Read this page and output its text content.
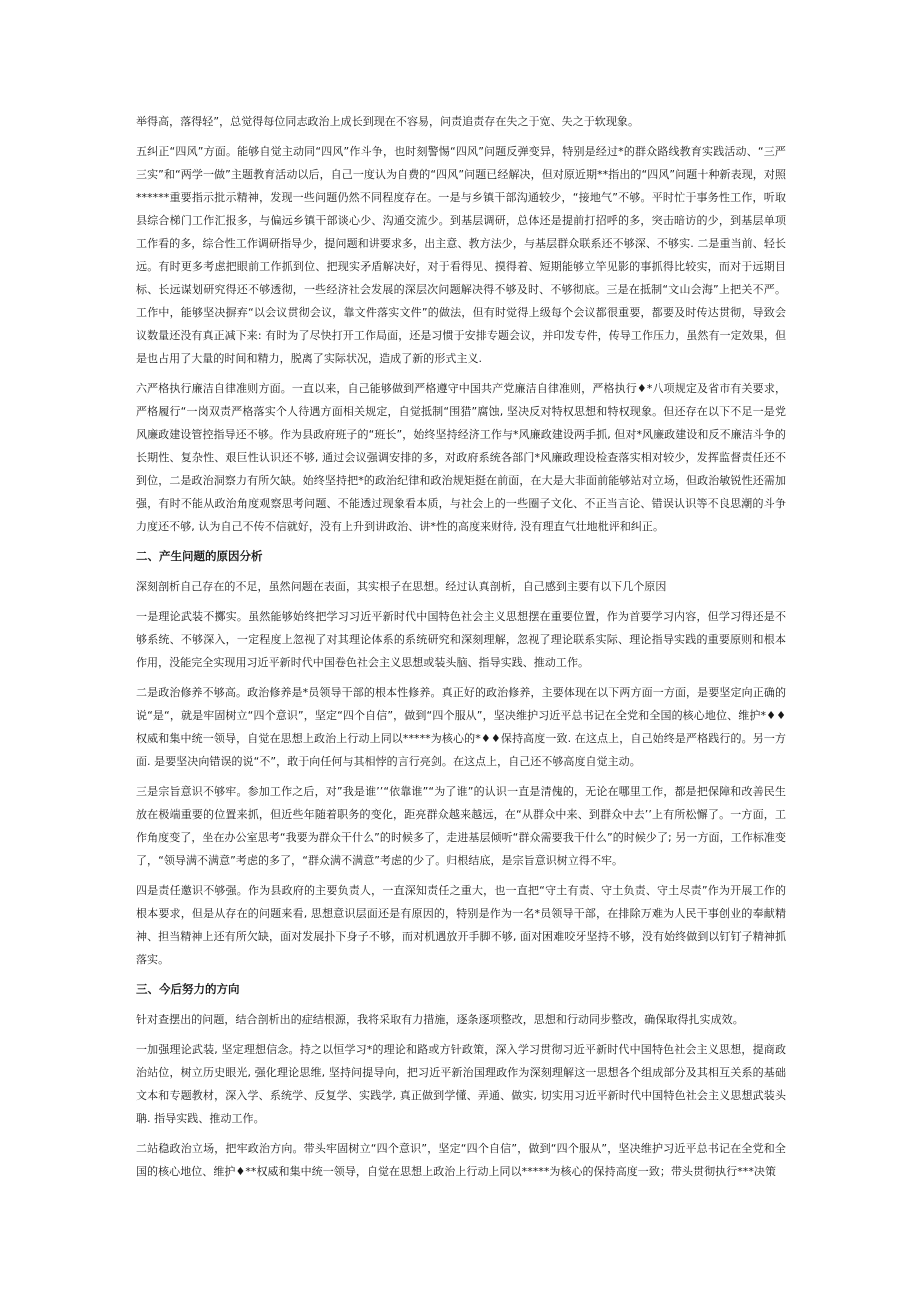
举得高，落得轻”，总觉得每位同志政治上成长到现在不容易，问责追责存在失之于宽、失之于软现象。

五纠正“四风”方面。能够自觉主动同“四风”作斗争，也时刻警惕“四风”问题反弹变异，特别是经过*的群众路线教育实践活动、“三严三实”和“两学一做”主题教育活动以后，自己一度认为自费的“四风”问题已经解决，但对原近期**指出的“四风”问题十种新表现，对照******重要指示批示精神，发现一些问题仍然不同程度存在。一是与乡镇干部沟通较少，“接地气”不够。平时忙于事务性工作，听取县综合梯门工作汇报多，与偏远乡镇干部谈心少、沟通交流少。到基层调研，总体还是提前打招呼的多，突击暗访的少，到基层单项工作看的多，综合性工作调研指导少，提问题和讲要求多，出主意、教方法少，与基层群众联系还不够深、不够实. 二是重当前、轻长远。有时更多考虑把眼前工作抓到位、把现实矛盾解决好，对于看得见、摸得着、短期能够立竿见影的事抓得比较实，而对于远期目标、长远谋划研究得还不够透彻，一些经济社会发展的深层次问题解决得不够及时、不够彻底。三是在抵制“文山会海”上把关不严。工作中，能够坚决摒弃“以会议贯彻会议，靠文件落实文件”的做法，但有时觉得上级每个会议都很重要，都要及时传达贯彻，导致会议数量还没有真正减下来: 有时为了尽快打开工作局面，还是习惯于安排专题会议，并印发专件，传导工作压力，虽然有一定效果，但是也占用了大量的时间和精力，脱离了实际状况，造成了新的形式主义.

六严格执行廉洁自律准则方面。一直以来，自己能够做到严格遵守中国共产党廉洁自律准则，严格执行♦*八项规定及省市有关要求，严格履行“一岗双责严格落实个人待遇方面相关规定，自觉抵制“围猎”腐蚀, 坚决反对特权思想和特权现象。但还存在以下不足一是党风廉政建设管控指导还不够。作为县政府班子的“班长”，始终坚持经济工作与*风廉政建设两手抓, 但对*风廉政建设和反不廉洁斗争的长期性、复杂性、艰巨性认识还不够, 通过会议强调安排的多，对政府系统各部门*风廉政理设检查落实相对较少，发挥监督责任还不到位，二是政治洞察力有所欠缺。始终坚持把*的政治纪律和政治规矩挺在前面，在大是大非面前能够站对立场，但政治敏锐性还需加强，有时不能从政治角度观察思考问题、不能透过现象看本质，与社会上的一些圈子文化、不正当言论、错误认识等不良思潮的斗争力度还不够, 认为自己不传不信就好，没有上升到讲政治、讲*性的高度来财待, 没有理直气壮地枇评和纠正。

二、产生问题的原因分析

深刻剖析自己存在的不足，虽然问题在表面，其实根子在思想。经过认真剖析，自己感到主要有以下几个原因

一是理论武装不擲实。虽然能够始终把学习习近平新时代中国特色社会主义思想摆在重要位置，作为首要学习内容，但学习得还是不够系统、不够深入，一定程度上忽视了对其理论体系的系统研究和深刻理解，忽视了理论联系实际、理论指导实践的重要原则和根本作用，没能完全实现用习近平新时代中国卷色社会主义思想或装头脑、指导实践、推动工作。

二是政治修养不够高。政治修养是*员领导干部的根本性修养。真正好的政治修养，主要体现在以下两方面一方面，是要坚定向正确的说“是“，就是牢固树立“四个意识”，坚定“四个自信”，做到“四个服从”，坚决维护习近平总书记在全党和全国的核心地位、维护*♦♦权威和集中统一领导，自觉在思想上政治上行动上同以*****为核心的*♦♦保持高度一致. 在这点上，自己始终是严格践行的。另一方面. 是要坚决向错误的说“不”，敢于向任何与其相悖的言行亮剑。在这点上，自己还不够高度自觉主动。

三是宗旨意识不够牢。参加工作之后，对”我是谁’’“依靠谁”“为了谁”的认识一直是清傀的，无论在哪里工作，都是把保障和改善民生放在极端重要的位置来抓，但近些年随着职务的变化，距亮群众越来越远，在“从群众中来、到群众中去’’上有所松懈了。一方面，工作角度变了，坐在办公室思考“我要为群众干什么”的时候多了，走进基层倾听“群众需要我干什么”的时候少了; 另一方面，工作标准变了，“领导满不满意”考虑的多了，“群众满不满意”考虑的少了。归根结底，是宗旨意识树立得不牢。

四是责任邀识不够强。作为县政府的主要负责人，一直深知责任之重大，也一直把“守土有责、守土负责、守土尽责”作为开展工作的根本要求，但是从存在的问题来看, 思想意识层面还是有原因的，特别是作为一名*员领导干部，在排除万难为人民干事创业的奉献精神、担当精神上还有所欠缺，面对发展扑下身子不够，而对机遇放开手脚不够, 面对困难咬牙坚持不够，没有始终做到以钉钉子精神抓落实。

三、今后努力的方向

针对查摆出的问题，结合剖析出的症结根源，我将采取有力措施，逐条逐项整改，思想和行动同步整改，确保取得扎实成效。

一加强理论武装, 坚定理想信念。持之以恒学习*的理论和路或方针政策，深入学习贯彻习近平新时代中国特色社会主义思想，提商政治站位，树立历史眼光, 强化理论思维, 坚持问提导向，把习近平新治国理政作为深刻理解这一思想各个组成部分及其相互关系的基础文本和专题教材，深入学、系统学、反复学、实践学, 真正做到学懂、弄通、做实, 切实用习近平新时代中国特色社会主义思想武装头聃. 指导实践、推动工作。

二站稳政治立场，把牢政治方向。带头牢固树立“四个意识”，坚定“四个自信”，做到“四个服从”，坚决维护习近平总书记在全党和全国的核心地位、维护♦**权威和集中统一领导，自觉在思想上政治上行动上同以*****为核心的保持高度一致；带头贯彻执行***决策
